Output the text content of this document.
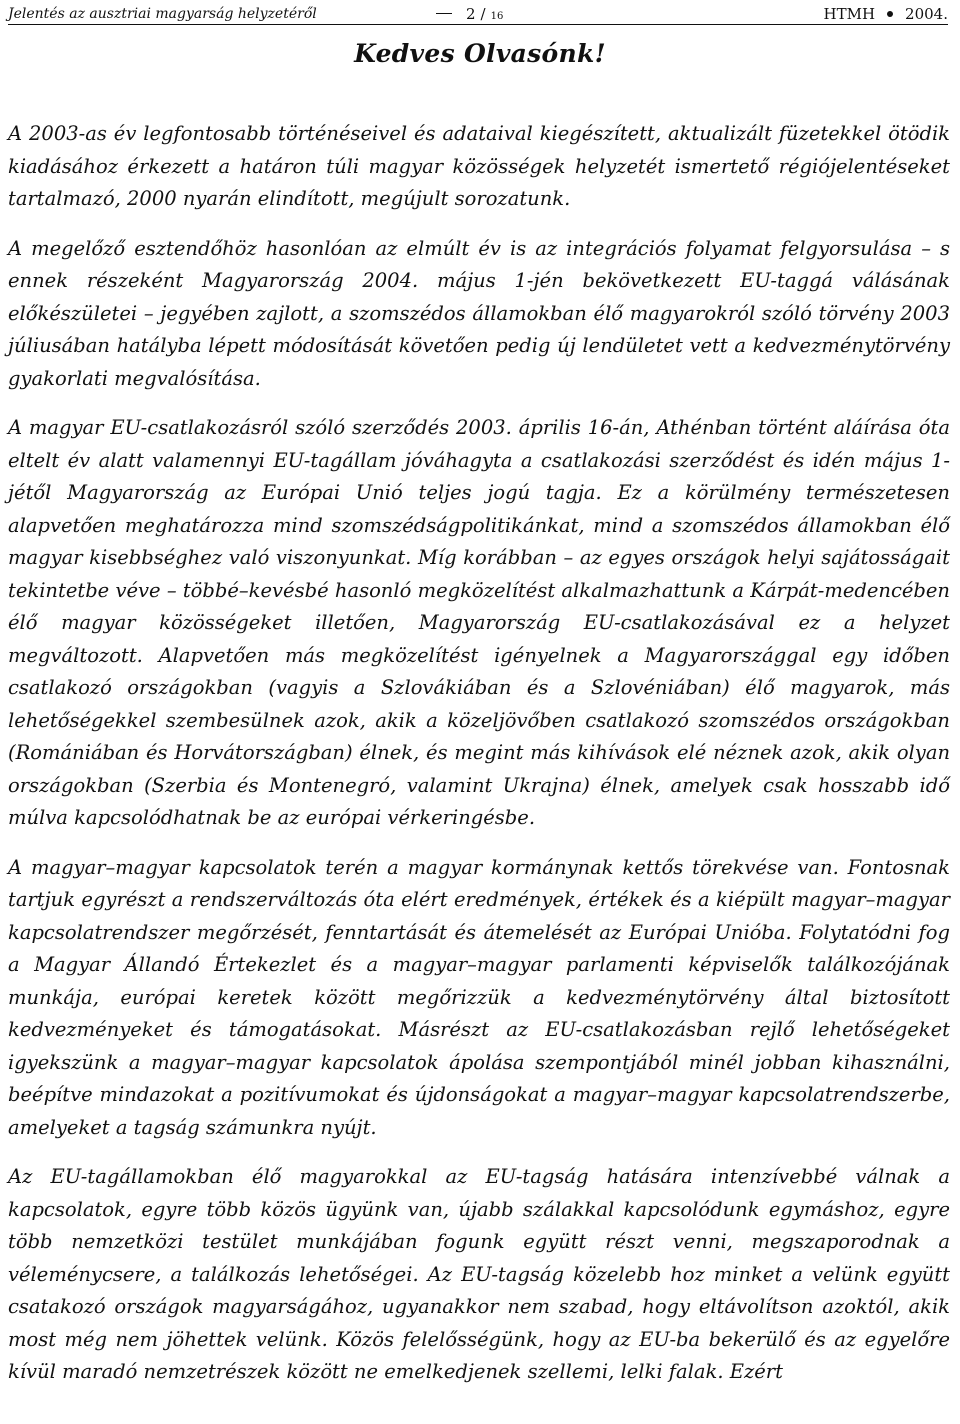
Jelentés az ausztriai magyarság helyzetéről	2 / $_{16}$	HTMH 2004.
Kedves Olvasónk!

A 2003-as év legfontosabb történéseivel és adataival kiegészített, aktualizált füzetekkel ötödik kiadásához érkezett a határon túli magyar közösségek helyzetét ismertető régiójelentéseket tartalmazó, 2000 nyarán elindított, megújult sorozatunk.

A megelőző esztendőhöz hasonlóan az elmúlt év is az integrációs folyamat felgyorsulása – s ennek részeként Magyarország 2004. május 1-jén bekövetkezett EU-taggá válásának előkészületei – jegyében zajlott, a szomszédos államokban élő magyarokról szóló törvény 2003 júliusában hatályba lépett módosítását követően pedig új lendületet vett a kedvezménytörvény gyakorlati megvalósítása.

A magyar EU-csatlakozásról szóló szerződés 2003. április 16-án, Athénban történt aláírása óta eltelt év alatt valamennyi EU-tagállam jóváhagyta a csatlakozási szerződést és idén május 1-jétől Magyarország az Európai Unió teljes jogú tagja. Ez a körülmény természetesen alapvetően meghatározza mind szomszédságpolitikánkat, mind a szomszédos államokban élő magyar kisebbséghez való viszonyunkat. Míg korábban – az egyes országok helyi sajátosságait tekintetbe véve – többé–kevésbé hasonló megközelítést alkalmazhattunk a Kárpát-medencében élő magyar közösségeket illetően, Magyarország EU-csatlakozásával ez a helyzet megváltozott. Alapvetően más megközelítést igényelnek a Magyarországgal egy időben csatlakozó országokban (vagyis a Szlovákiában és a Szlovéniában) élő magyarok, más lehetőségekkel szembesülnek azok, akik a közeljövőben csatlakozó szomszédos országokban (Romániában és Horvátországban) élnek, és megint más kihívások elé néznek azok, akik olyan országokban (Szerbia és Montenegró, valamint Ukrajna) élnek, amelyek csak hosszabb idő múlva kapcsolódhatnak be az európai vérkeringésbe.

A magyar–magyar kapcsolatok terén a magyar kormánynak kettős törekvése van. Fontosnak tartjuk egyrészt a rendszerváltozás óta elért eredmények, értékek és a kiépült magyar–magyar kapcsolatrendszer megőrzését, fenntartását és átemelését az Európai Unióba. Folytatódni fog a Magyar Állandó Értekezlet és a magyar–magyar parlamenti képviselők találkozójának munkája, európai keretek között megőrizzük a kedvezménytörvény által biztosított kedvezményeket és támogatásokat. Másrészt az EU-csatlakozásban rejlő lehetőségeket igyekszünk a magyar–magyar kapcsolatok ápolása szempontjából minél jobban kihasználni, beépítve mindazokat a pozitívumokat és újdonságokat a magyar–magyar kapcsolatrendszerbe, amelyeket a tagság számunkra nyújt.

Az EU-tagállamokban élő magyarokkal az EU-tagság hatására intenzívebbé válnak a kapcsolatok, egyre több közös ügyünk van, újabb szálakkal kapcsolódunk egymáshoz, egyre több nemzetközi testület munkájában fogunk együtt részt venni, megszaporodnak a véleménycsere, a találkozás lehetőségei. Az EU-tagság közelebb hoz minket a velünk együtt csatakozó országok magyarságához, ugyanakkor nem szabad, hogy eltávolítson azoktól, akik most még nem jöhettek velünk. Közös felelősségünk, hogy az EU-ba bekerülő és az egyelőre kívül maradó nemzetrészek között ne emelkedjenek szellemi, lelki falak. Ezért
